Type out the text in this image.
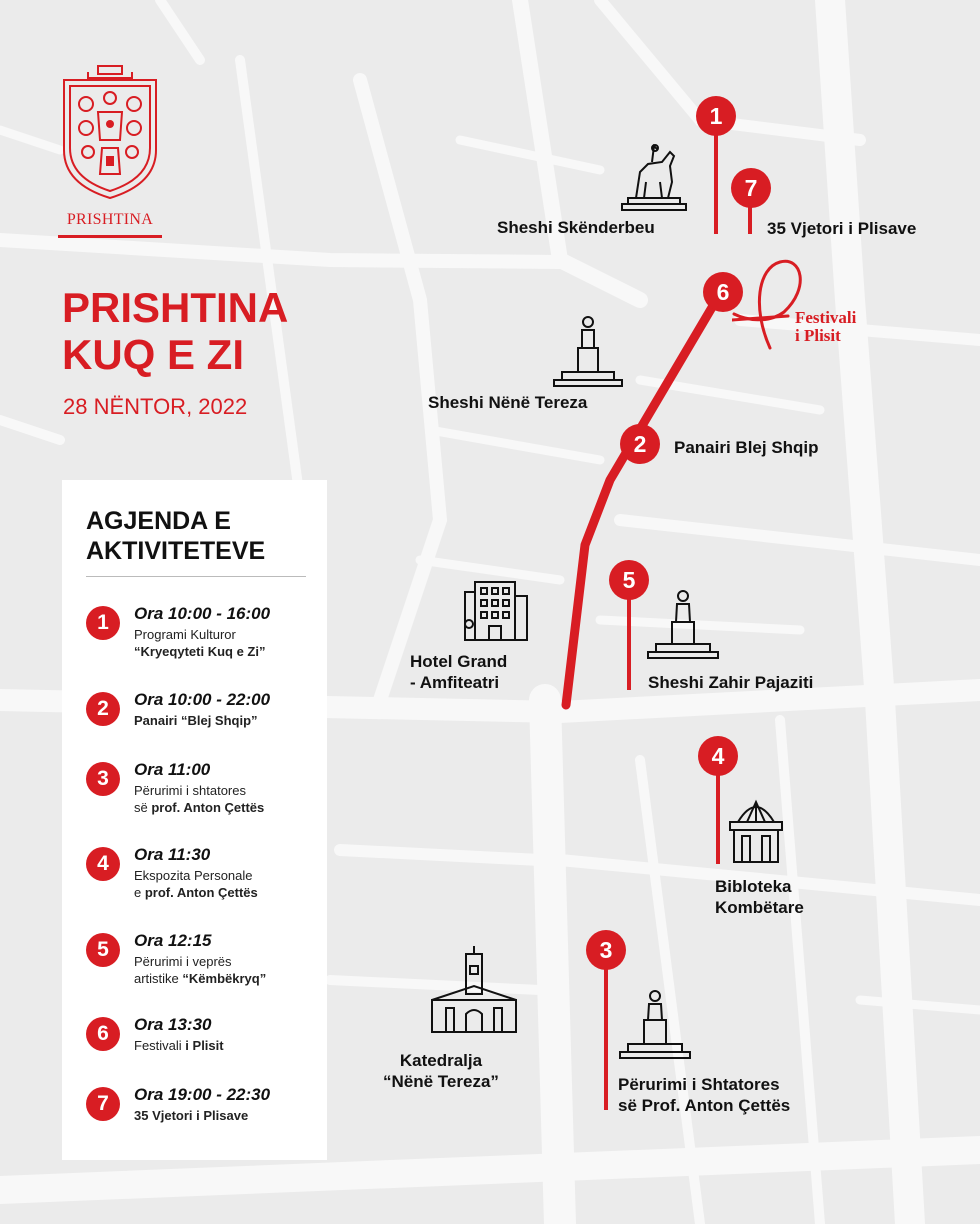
PRISHTINA
PRISHTINA
KUQ E ZI
28 NËNTOR, 2022
AGJENDA E
AKTIVITETEVE
1	Ora 10:00 - 16:00
Programi Kulturor
“Kryeqyteti Kuq e Zi”
2	Ora 10:00 - 22:00
Panairi “Blej Shqip”
3	Ora 11:00
Përurimi i shtatores
së prof. Anton Çettës
4	Ora 11:30
Ekspozita Personale
e prof. Anton Çettës
5	Ora 12:15
Përurimi i veprës
artistike “Këmbëkryq”
6	Ora 13:30
Festivali i Plisit
7	Ora 19:00 - 22:30
35 Vjetori i Plisave
1
7
6
2
5
4
3
Festivali
i Plisit
Sheshi Skënderbeu	35 Vjetori i Plisave
Sheshi Nënë Tereza
Panairi Blej Shqip
Hotel Grand
- Amfiteatri	Sheshi Zahir Pajaziti
Bibloteka
Kombëtare
Katedralja
“Nënë Tereza”	Përurimi i Shtatores
së Prof. Anton Çettës
